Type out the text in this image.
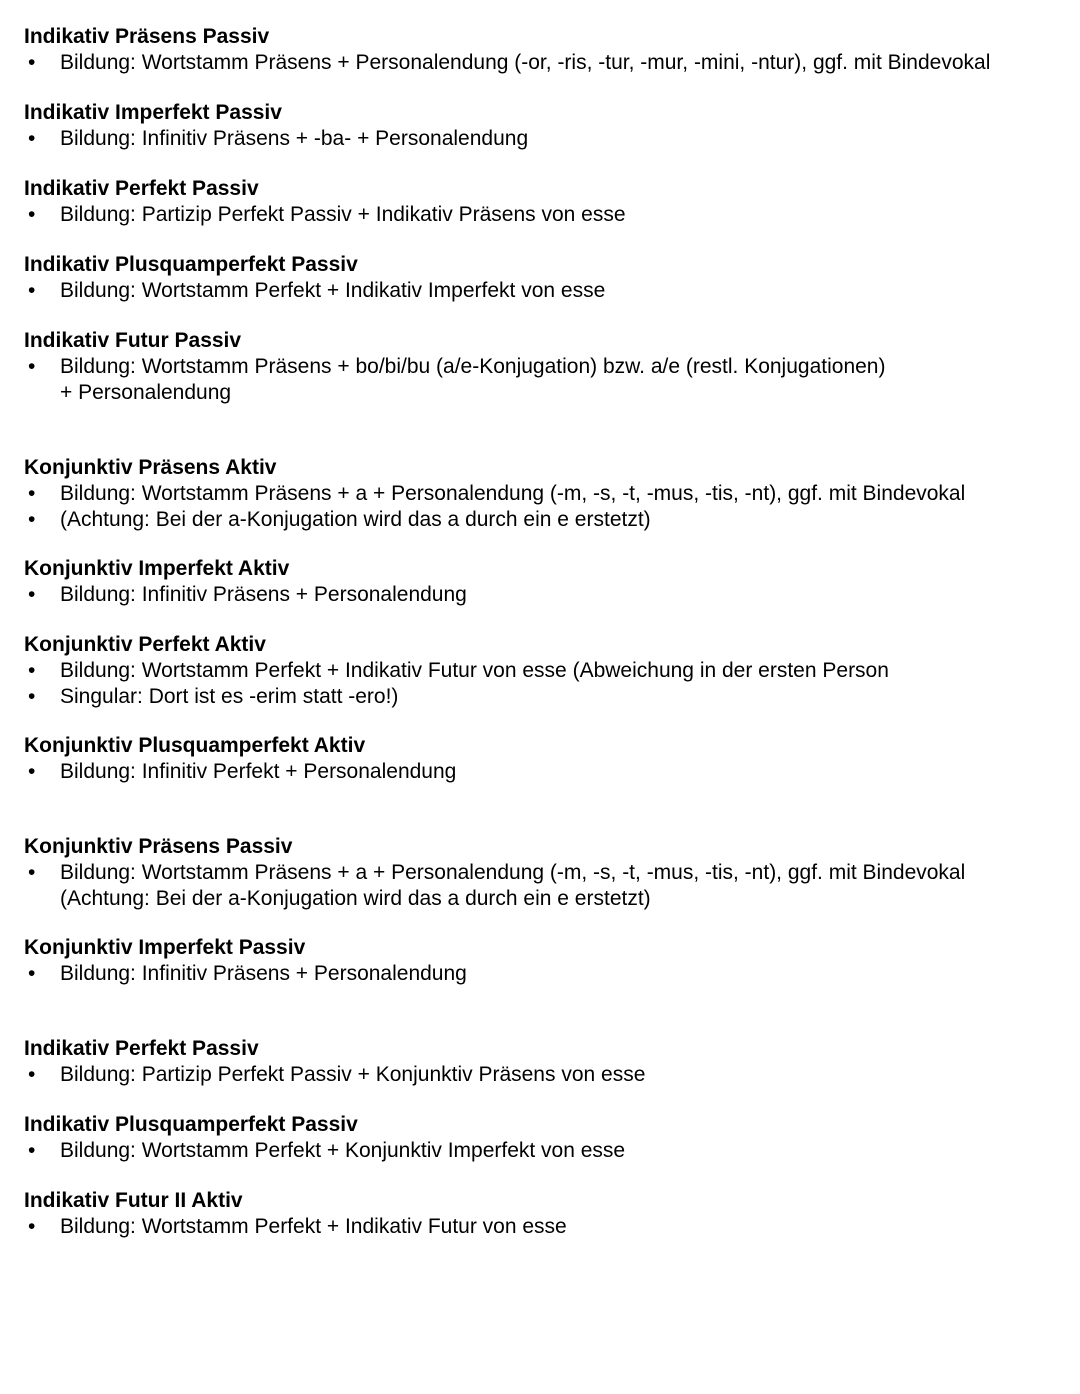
Indikativ Präsens Passiv
• Bildung: Wortstamm Präsens + Personalendung (-or, -ris, -tur, -mur, -mini, -ntur), ggf. mit Bindevokal
Indikativ Imperfekt Passiv
• Bildung: Infinitiv Präsens + -ba- + Personalendung
Indikativ Perfekt Passiv
• Bildung: Partizip Perfekt Passiv + Indikativ Präsens von esse
Indikativ Plusquamperfekt Passiv
• Bildung: Wortstamm Perfekt + Indikativ Imperfekt von esse
Indikativ Futur Passiv
• Bildung: Wortstamm Präsens + bo/bi/bu (a/e-Konjugation) bzw. a/e (restl. Konjugationen)
+ Personalendung
Konjunktiv Präsens Aktiv
• Bildung: Wortstamm Präsens + a + Personalendung (-m, -s, -t, -mus, -tis, -nt), ggf. mit Bindevokal
• (Achtung: Bei der a-Konjugation wird das a durch ein e erstetzt)
Konjunktiv Imperfekt Aktiv
• Bildung: Infinitiv Präsens + Personalendung
Konjunktiv Perfekt Aktiv
• Bildung: Wortstamm Perfekt + Indikativ Futur von esse (Abweichung in der ersten Person
• Singular: Dort ist es -erim statt -ero!)
Konjunktiv Plusquamperfekt Aktiv
• Bildung: Infinitiv Perfekt + Personalendung
Konjunktiv Präsens Passiv
• Bildung: Wortstamm Präsens + a + Personalendung (-m, -s, -t, -mus, -tis, -nt), ggf. mit Bindevokal
(Achtung: Bei der a-Konjugation wird das a durch ein e erstetzt)
Konjunktiv Imperfekt Passiv
• Bildung: Infinitiv Präsens + Personalendung
Indikativ Perfekt Passiv
• Bildung: Partizip Perfekt Passiv + Konjunktiv Präsens von esse
Indikativ Plusquamperfekt Passiv
• Bildung: Wortstamm Perfekt + Konjunktiv Imperfekt von esse
Indikativ Futur II Aktiv
• Bildung: Wortstamm Perfekt + Indikativ Futur von esse
